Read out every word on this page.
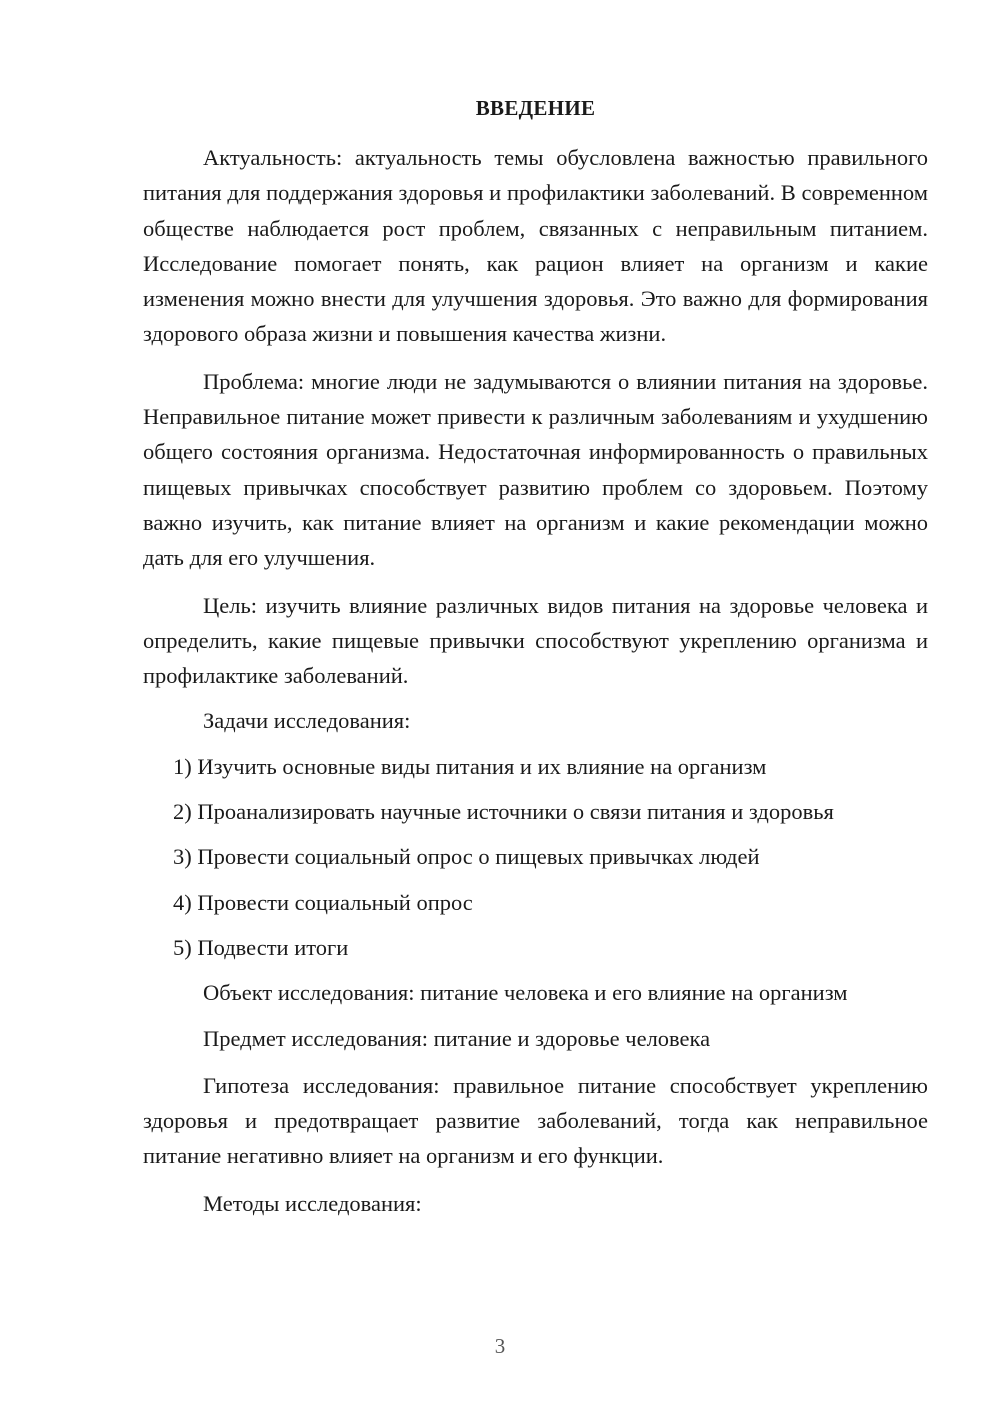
ВВЕДЕНИЕ

Актуальность: актуальность темы обусловлена важностью правильного питания для поддержания здоровья и профилактики заболеваний. В современном обществе наблюдается рост проблем, связанных с неправильным питанием. Исследование помогает понять, как рацион влияет на организм и какие изменения можно внести для улучшения здоровья. Это важно для формирования здорового образа жизни и повышения качества жизни.

Проблема: многие люди не задумываются о влиянии питания на здоровье. Неправильное питание может привести к различным заболеваниям и ухудшению общего состояния организма. Недостаточная информированность о правильных пищевых привычках способствует развитию проблем со здоровьем. Поэтому важно изучить, как питание влияет на организм и какие рекомендации можно дать для его улучшения.

Цель: изучить влияние различных видов питания на здоровье человека и определить, какие пищевые привычки способствуют укреплению организма и профилактике заболеваний.

Задачи исследования:

1) Изучить основные виды питания и их влияние на организм

2) Проанализировать научные источники о связи питания и здоровья

3) Провести социальный опрос о пищевых привычках людей

4) Провести социальный опрос

5) Подвести итоги

Объект исследования: питание человека и его влияние на организм

Предмет исследования: питание и здоровье человека

Гипотеза исследования: правильное питание способствует укреплению здоровья и предотвращает развитие заболеваний, тогда как неправильное питание негативно влияет на организм и его функции.

Методы исследования:

3
